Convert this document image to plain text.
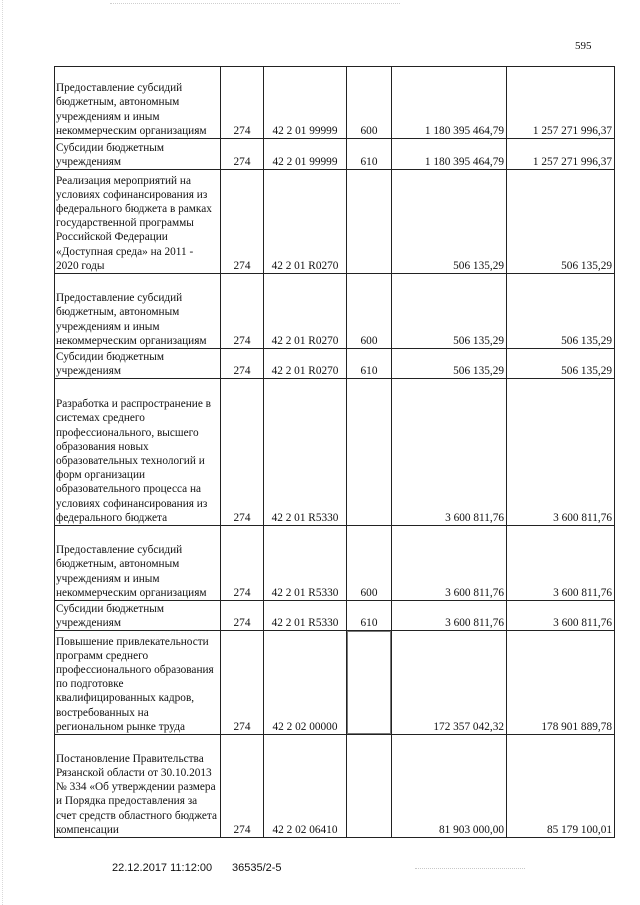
595
Предоставление субсидий бюджетным, автономным учреждениям и иным некоммерческим организациям	274	42 2 01 99999	600	1 180 395 464,79	1 257 271 996,37
Субсидии бюджетным учреждениям	274	42 2 01 99999	610	1 180 395 464,79	1 257 271 996,37
Реализация мероприятий на условиях софинансирования из федерального бюджета в рамках государственной программы Российской Федерации «Доступная среда» на 2011 - 2020 годы	274	42 2 01 R0270		506 135,29	506 135,29
Предоставление субсидий бюджетным, автономным учреждениям и иным некоммерческим организациям	274	42 2 01 R0270	600	506 135,29	506 135,29
Субсидии бюджетным учреждениям	274	42 2 01 R0270	610	506 135,29	506 135,29
Разработка и распространение в системах среднего профессионального, высшего образования новых образовательных технологий и форм организации образовательного процесса на условиях софинансирования из федерального бюджета	274	42 2 01 R5330		3 600 811,76	3 600 811,76
Предоставление субсидий бюджетным, автономным учреждениям и иным некоммерческим организациям	274	42 2 01 R5330	600	3 600 811,76	3 600 811,76
Субсидии бюджетным учреждениям	274	42 2 01 R5330	610	3 600 811,76	3 600 811,76
Повышение привлекательности программ среднего профессионального образования по подготовке квалифицированных кадров, востребованных на региональном рынке труда	274	42 2 02 00000		172 357 042,32	178 901 889,78
Постановление Правительства Рязанской области от 30.10.2013 № 334 «Об утверждении размера и Порядка предоставления за счет средств областного бюджета компенсации	274	42 2 02 06410		81 903 000,00	85 179 100,01
22.12.2017 11:12:00 36535/2-5
